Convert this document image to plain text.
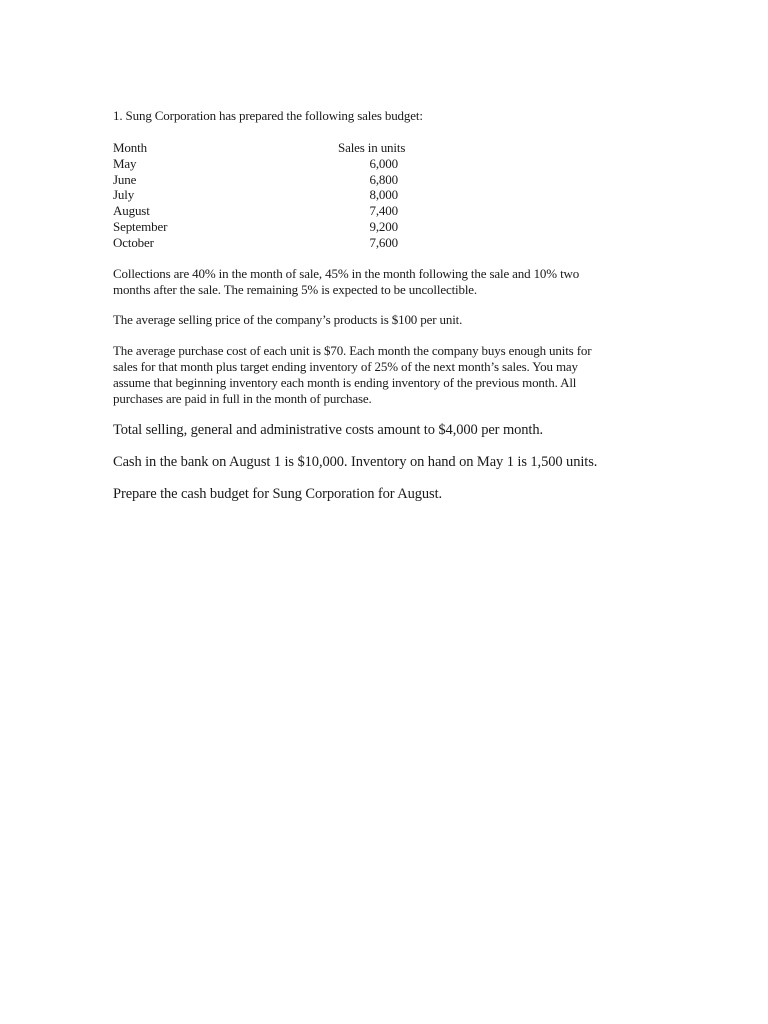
1. Sung Corporation has prepared the following sales budget:

Month	Sales in units
May	6,000
June	6,800
July	8,000
August	7,400
September	9,200
October	7,600
Collections are 40% in the month of sale, 45% in the month following the sale and 10% two
months after the sale. The remaining 5% is expected to be uncollectible.
The average selling price of the company’s products is $100 per unit.
The average purchase cost of each unit is $70. Each month the company buys enough units for
sales for that month plus target ending inventory of 25% of the next month’s sales. You may
assume that beginning inventory each month is ending inventory of the previous month. All
purchases are paid in full in the month of purchase.
Total selling, general and administrative costs amount to $4,000 per month.
Cash in the bank on August 1 is $10,000. Inventory on hand on May 1 is 1,500 units.
Prepare the cash budget for Sung Corporation for August.
